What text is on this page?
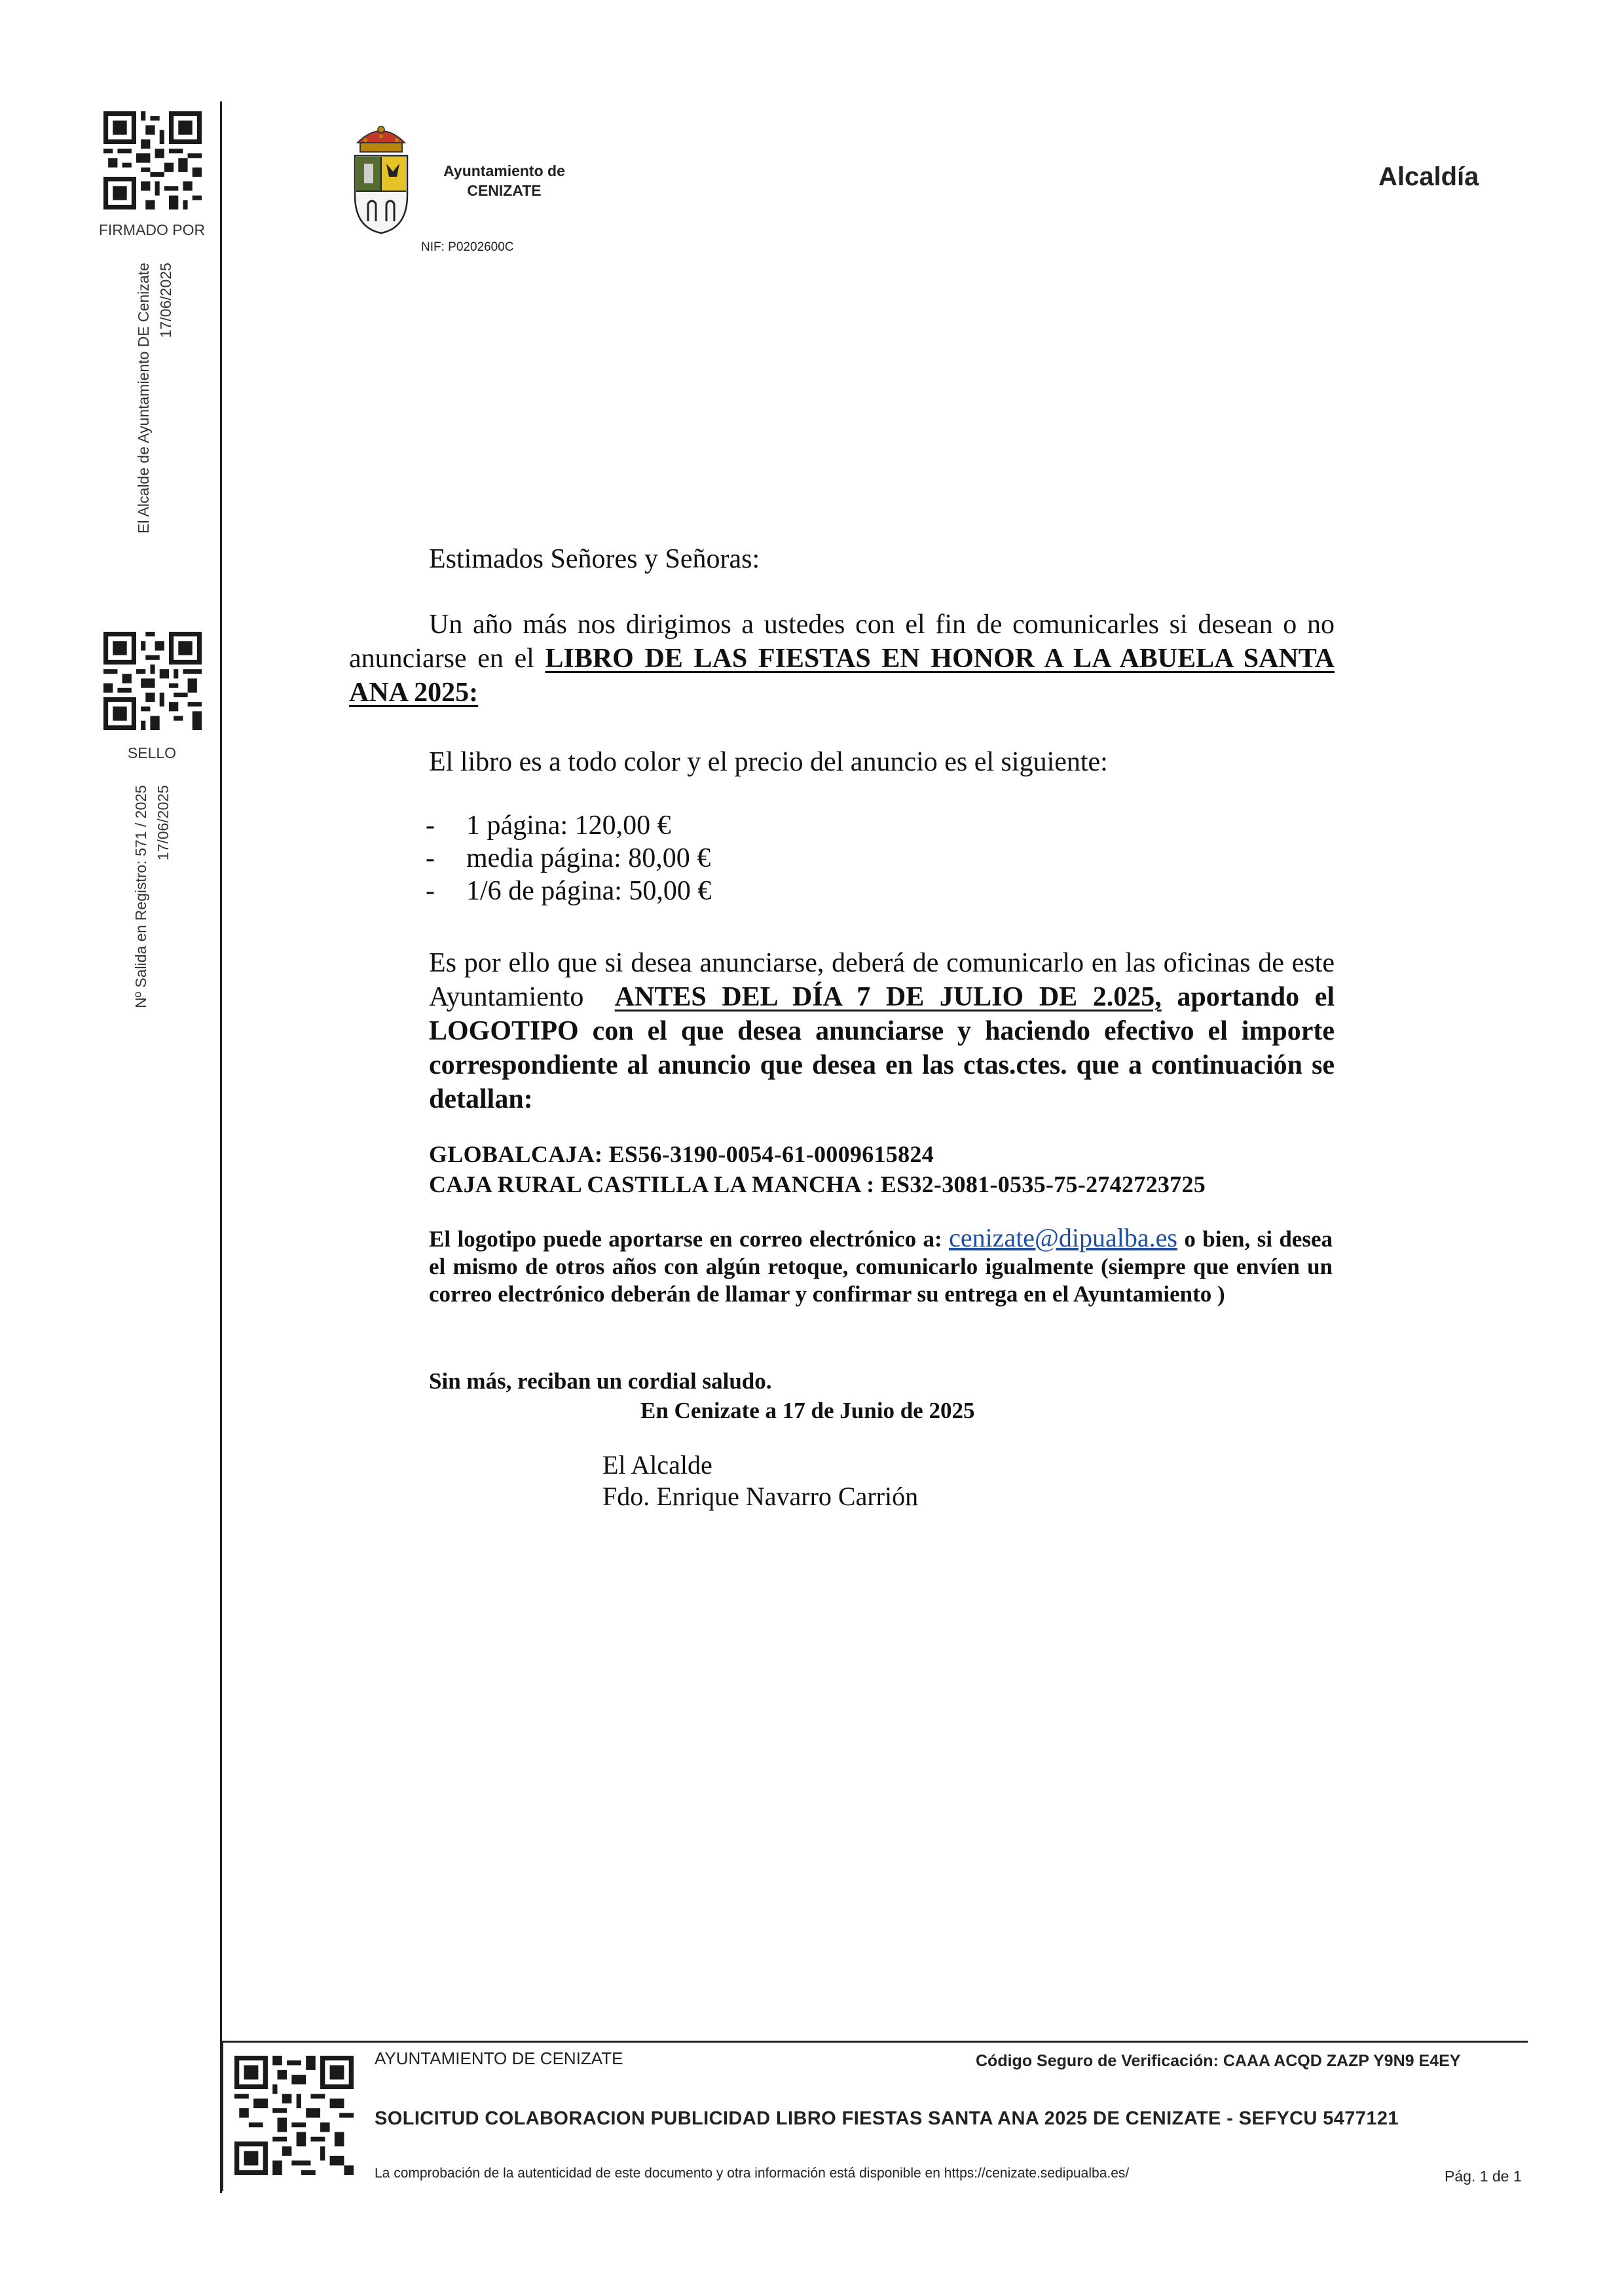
FIRMADO POR
El Alcalde de Ayuntamiento DE Cenizate 17/06/2025
SELLO
Nº Salida en Registro: 571 / 2025 17/06/2025
Ayuntamiento de
CENIZATE
NIF: P0202600C
Alcaldía
Estimados Señores y Señoras:
Un año más nos dirigimos a ustedes con el fin de comunicarles si desean o no anunciarse en el LIBRO DE LAS FIESTAS EN HONOR A LA ABUELA SANTA ANA 2025:
El libro es a todo color y el precio del anuncio es el siguiente:
- 1 página: 120,00 €
- media página: 80,00 €
- 1/6 de página: 50,00 €
Es por ello que si desea anunciarse, deberá de comunicarlo en las oficinas de este Ayuntamiento ANTES DEL DÍA 7 DE JULIO DE 2.025, aportando el LOGOTIPO con el que desea anunciarse y haciendo efectivo el importe correspondiente al anuncio que desea en las ctas.ctes. que a continuación se detallan:
GLOBALCAJA: ES56-3190-0054-61-0009615824
CAJA RURAL CASTILLA LA MANCHA : ES32-3081-0535-75-2742723725
El logotipo puede aportarse en correo electrónico a: cenizate@dipualba.es o bien, si desea el mismo de otros años con algún retoque, comunicarlo igualmente (siempre que envíen un correo electrónico deberán de llamar y confirmar su entrega en el Ayuntamiento )
Sin más, reciban un cordial saludo.
En Cenizate a 17 de Junio de 2025
El Alcalde
Fdo. Enrique Navarro Carrión
AYUNTAMIENTO DE CENIZATE	Código Seguro de Verificación: CAAA ACQD ZAZP Y9N9 E4EY
SOLICITUD COLABORACION PUBLICIDAD LIBRO FIESTAS SANTA ANA 2025 DE CENIZATE - SEFYCU 5477121
La comprobación de la autenticidad de este documento y otra información está disponible en https://cenizate.sedipualba.es/	Pág. 1 de 1
